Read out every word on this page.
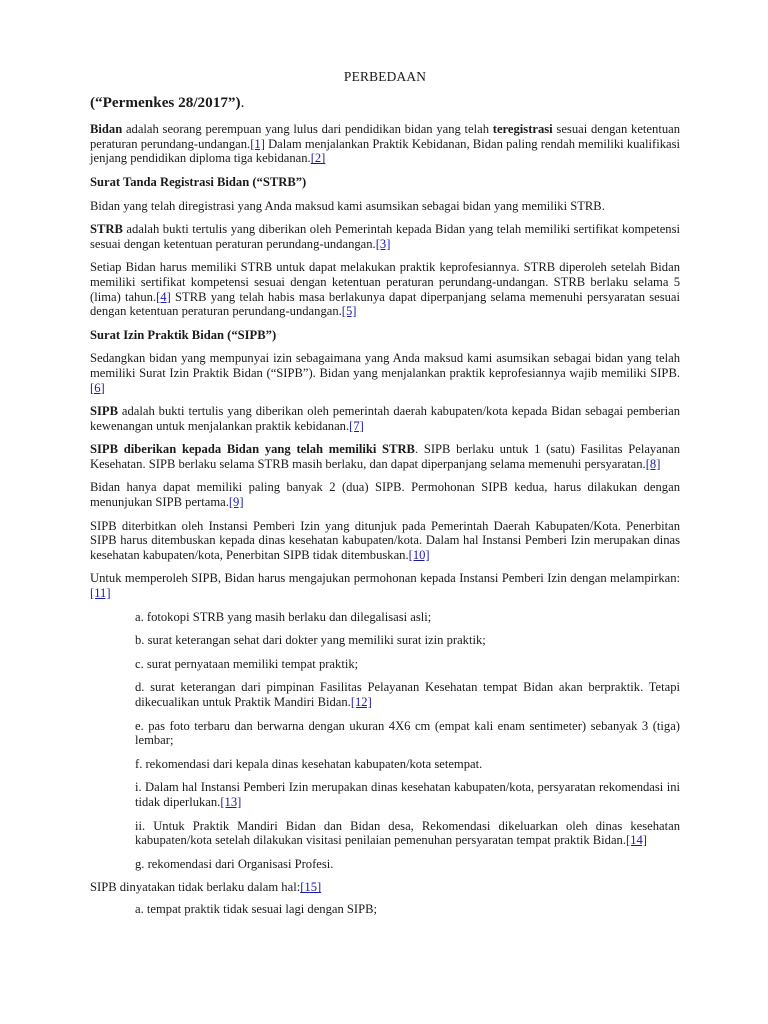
PERBEDAAN
(“Permenkes 28/2017”).

Bidan adalah seorang perempuan yang lulus dari pendidikan bidan yang telah teregistrasi sesuai dengan ketentuan peraturan perundang-undangan.[1] Dalam menjalankan Praktik Kebidanan, Bidan paling rendah memiliki kualifikasi jenjang pendidikan diploma tiga kebidanan.[2]

Surat Tanda Registrasi Bidan (“STRB”)

Bidan yang telah diregistrasi yang Anda maksud kami asumsikan sebagai bidan yang memiliki STRB.

STRB adalah bukti tertulis yang diberikan oleh Pemerintah kepada Bidan yang telah memiliki sertifikat kompetensi sesuai dengan ketentuan peraturan perundang-undangan.[3]

Setiap Bidan harus memiliki STRB untuk dapat melakukan praktik keprofesiannya. STRB diperoleh setelah Bidan memiliki sertifikat kompetensi sesuai dengan ketentuan peraturan perundang-undangan. STRB berlaku selama 5 (lima) tahun.[4] STRB yang telah habis masa berlakunya dapat diperpanjang selama memenuhi persyaratan sesuai dengan ketentuan peraturan perundang-undangan.[5]

Surat Izin Praktik Bidan (“SIPB”)

Sedangkan bidan yang mempunyai izin sebagaimana yang Anda maksud kami asumsikan sebagai bidan yang telah memiliki Surat Izin Praktik Bidan (“SIPB”). Bidan yang menjalankan praktik keprofesiannya wajib memiliki SIPB.[6]

SIPB adalah bukti tertulis yang diberikan oleh pemerintah daerah kabupaten/kota kepada Bidan sebagai pemberian kewenangan untuk menjalankan praktik kebidanan.[7]

SIPB diberikan kepada Bidan yang telah memiliki STRB. SIPB berlaku untuk 1 (satu) Fasilitas Pelayanan Kesehatan. SIPB berlaku selama STRB masih berlaku, dan dapat diperpanjang selama memenuhi persyaratan.[8]

Bidan hanya dapat memiliki paling banyak 2 (dua) SIPB. Permohonan SIPB kedua, harus dilakukan dengan menunjukan SIPB pertama.[9]

SIPB diterbitkan oleh Instansi Pemberi Izin yang ditunjuk pada Pemerintah Daerah Kabupaten/Kota. Penerbitan SIPB harus ditembuskan kepada dinas kesehatan kabupaten/kota. Dalam hal Instansi Pemberi Izin merupakan dinas kesehatan kabupaten/kota, Penerbitan SIPB tidak ditembuskan.[10]

Untuk memperoleh SIPB, Bidan harus mengajukan permohonan kepada Instansi Pemberi Izin dengan melampirkan:[11]

a. fotokopi STRB yang masih berlaku dan dilegalisasi asli;

b. surat keterangan sehat dari dokter yang memiliki surat izin praktik;

c. surat pernyataan memiliki tempat praktik;

d. surat keterangan dari pimpinan Fasilitas Pelayanan Kesehatan tempat Bidan akan berpraktik. Tetapi dikecualikan untuk Praktik Mandiri Bidan.[12]

e. pas foto terbaru dan berwarna dengan ukuran 4X6 cm (empat kali enam sentimeter) sebanyak 3 (tiga) lembar;

f. rekomendasi dari kepala dinas kesehatan kabupaten/kota setempat.

i. Dalam hal Instansi Pemberi Izin merupakan dinas kesehatan kabupaten/kota, persyaratan rekomendasi ini tidak diperlukan.[13]

ii. Untuk Praktik Mandiri Bidan dan Bidan desa, Rekomendasi dikeluarkan oleh dinas kesehatan kabupaten/kota setelah dilakukan visitasi penilaian pemenuhan persyaratan tempat praktik Bidan.[14]

g. rekomendasi dari Organisasi Profesi.

SIPB dinyatakan tidak berlaku dalam hal:[15]

a. tempat praktik tidak sesuai lagi dengan SIPB;
